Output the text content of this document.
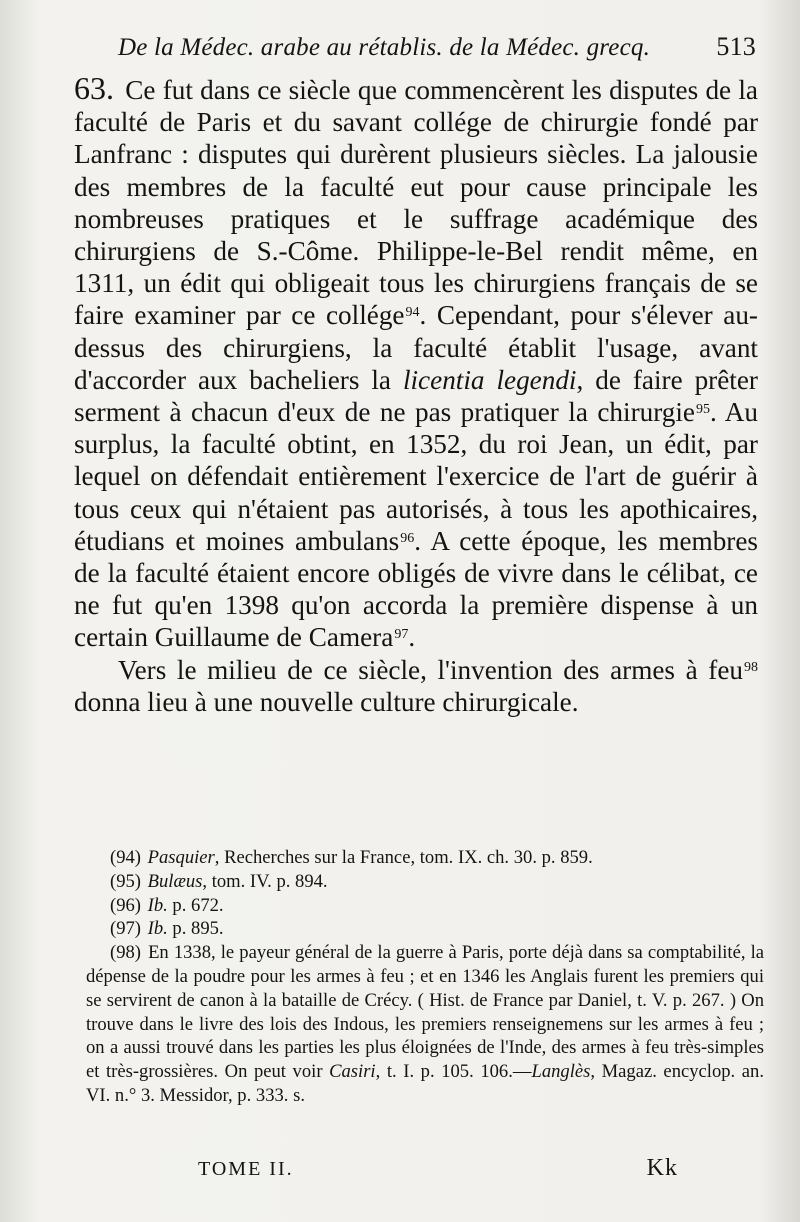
De la Médec. arabe au rétablis. de la Médec. grecq.	513

63. Ce fut dans ce siècle que commencèrent les disputes de la faculté de Paris et du savant collége de chirurgie fondé par Lanfranc : disputes qui durèrent plusieurs siècles. La jalousie des membres de la faculté eut pour cause principale les nombreuses pratiques et le suffrage académique des chirurgiens de S.-Côme. Philippe-le-Bel rendit même, en 1311, un édit qui obligeait tous les chirurgiens français de se faire examiner par ce collége$^{94}$. Cependant, pour s'élever au-dessus des chirurgiens, la faculté établit l'usage, avant d'accorder aux bacheliers la licentia legendi, de faire prêter serment à chacun d'eux de ne pas pratiquer la chirurgie$^{95}$. Au surplus, la faculté obtint, en 1352, du roi Jean, un édit, par lequel on défendait entièrement l'exercice de l'art de guérir à tous ceux qui n'étaient pas autorisés, à tous les apothicaires, étudians et moines ambulans$^{96}$. A cette époque, les membres de la faculté étaient encore obligés de vivre dans le célibat, ce ne fut qu'en 1398 qu'on accorda la première dispense à un certain Guillaume de Camera$^{97}$.

Vers le milieu de ce siècle, l'invention des armes à feu$^{98}$ donna lieu à une nouvelle culture chirurgicale.

(94) Pasquier, Recherches sur la France, tom. IX. ch. 30. p. 859.

(95) Bulæus, tom. IV. p. 894.

(96) Ib. p. 672.

(97) Ib. p. 895.

(98) En 1338, le payeur général de la guerre à Paris, porte déjà dans sa comptabilité, la dépense de la poudre pour les armes à feu ; et en 1346 les Anglais furent les premiers qui se servirent de canon à la bataille de Crécy. ( Hist. de France par Daniel, t. V. p. 267. ) On trouve dans le livre des lois des Indous, les premiers renseignemens sur les armes à feu ; on a aussi trouvé dans les parties les plus éloignées de l'Inde, des armes à feu très-simples et très-grossières. On peut voir Casiri, t. I. p. 105. 106.—Langlès, Magaz. encyclop. an. VI. n.° 3. Messidor, p. 333. s.

TOME II.	Kk
